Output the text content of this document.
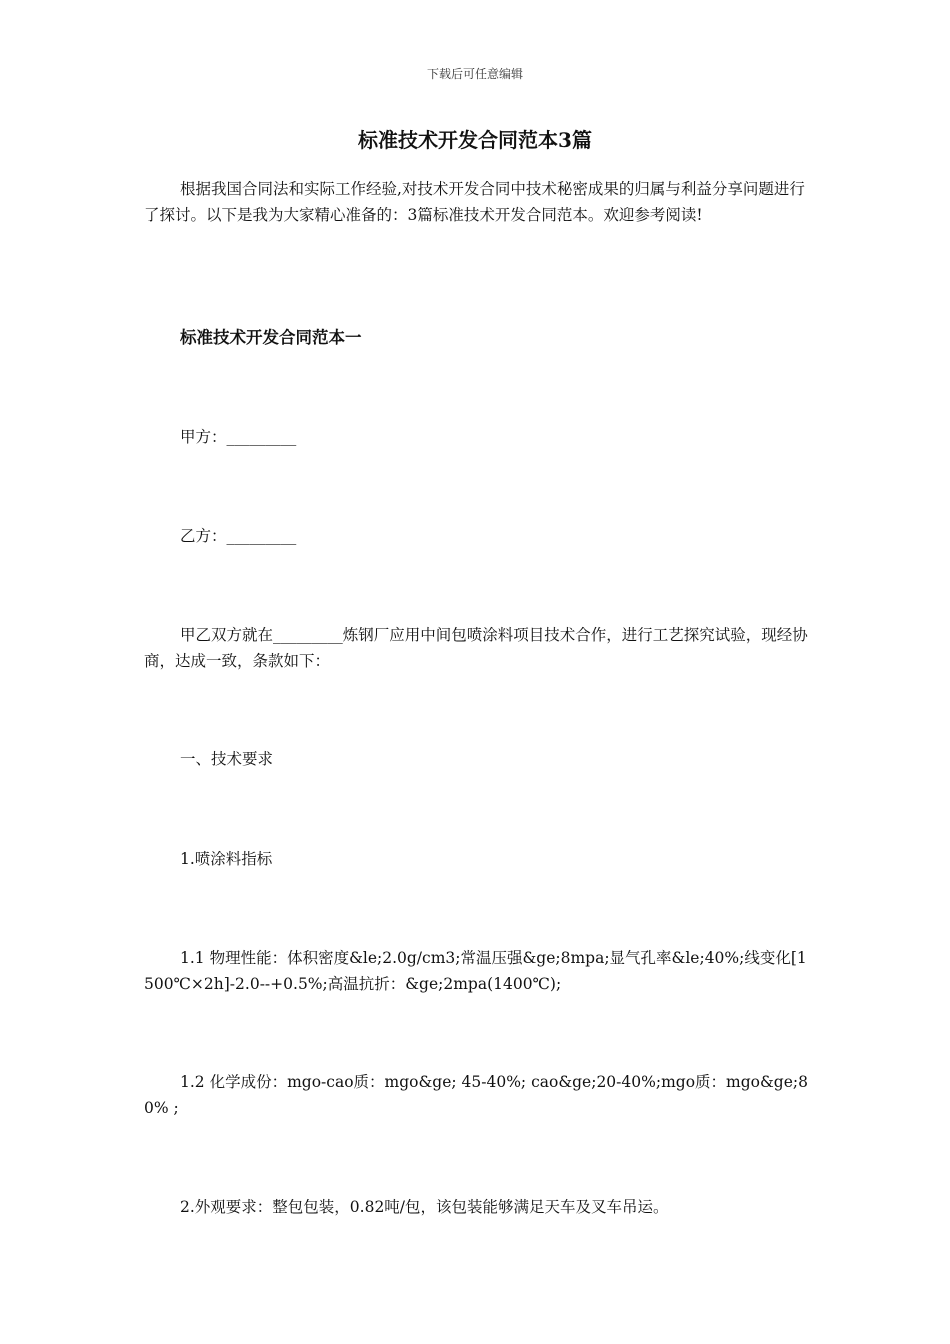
下载后可任意编辑
标准技术开发合同范本3篇

根据我国合同法和实际工作经验,对技术开发合同中技术秘密成果的归属与利益分享问题进行了探讨。以下是我为大家精心准备的：3篇标准技术开发合同范本。欢迎参考阅读!

标准技术开发合同范本一

甲方：_________

乙方：_________

甲乙双方就在_________炼钢厂应用中间包喷涂料项目技术合作，进行工艺探究试验，现经协商，达成一致，条款如下：

一、技术要求

1.喷涂料指标

1.1 物理性能：体积密度&le;2.0g/cm3;常温压强&ge;8mpa;显气孔率&le;40%;线变化[1500℃×2h]-2.0--+0.5%;高温抗折：&ge;2mpa(1400℃);

1.2 化学成份：mgo-cao质：mgo&ge; 45-40%; cao&ge;20-40%;mgo质：mgo&ge;80% ;

2.外观要求：整包包装，0.82吨/包，该包装能够满足天车及叉车吊运。
